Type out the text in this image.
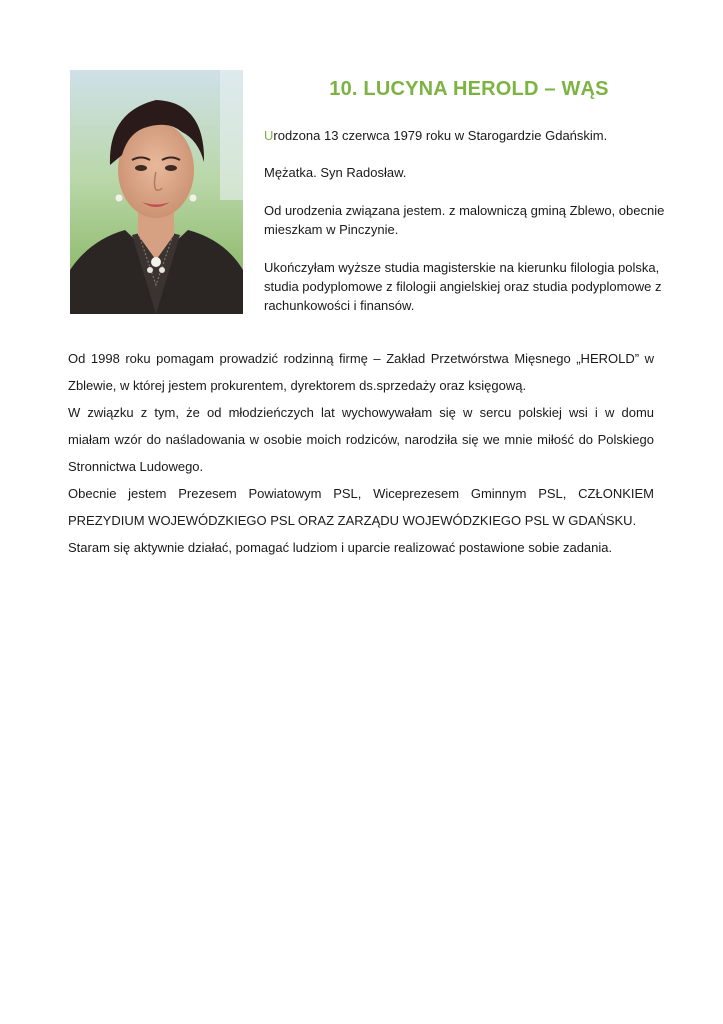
10. LUCYNA HEROLD – WĄS

Urodzona 13 czerwca 1979 roku w Starogardzie Gdańskim.

Mężatka. Syn Radosław.

Od urodzenia związana jestem. z malowniczą gminą Zblewo, obecnie mieszkam w Pinczynie.

Ukończyłam wyższe studia magisterskie na kierunku filologia polska, studia podyplomowe z filologii angielskiej oraz studia podyplomowe z rachunkowości i finansów.

Od 1998 roku pomagam prowadzić rodzinną firmę – Zakład Przetwórstwa Mięsnego „HEROLD” w
Zblewie, w której jestem prokurentem, dyrektorem ds.sprzedaży oraz księgową.

W związku z tym, że od młodzieńczych lat wychowywałam się w sercu polskiej wsi i w domu
miałam wzór do naśladowania w osobie moich rodziców, narodziła się we mnie miłość do Polskiego
Stronnictwa Ludowego.

Obecnie jestem Prezesem Powiatowym PSL, Wiceprezesem Gminnym PSL, CZŁONKIEM
PREZYDIUM WOJEWÓDZKIEGO PSL ORAZ ZARZĄDU WOJEWÓDZKIEGO PSL W GDAŃSKU.

Staram się aktywnie działać, pomagać ludziom i uparcie realizować postawione sobie zadania.
